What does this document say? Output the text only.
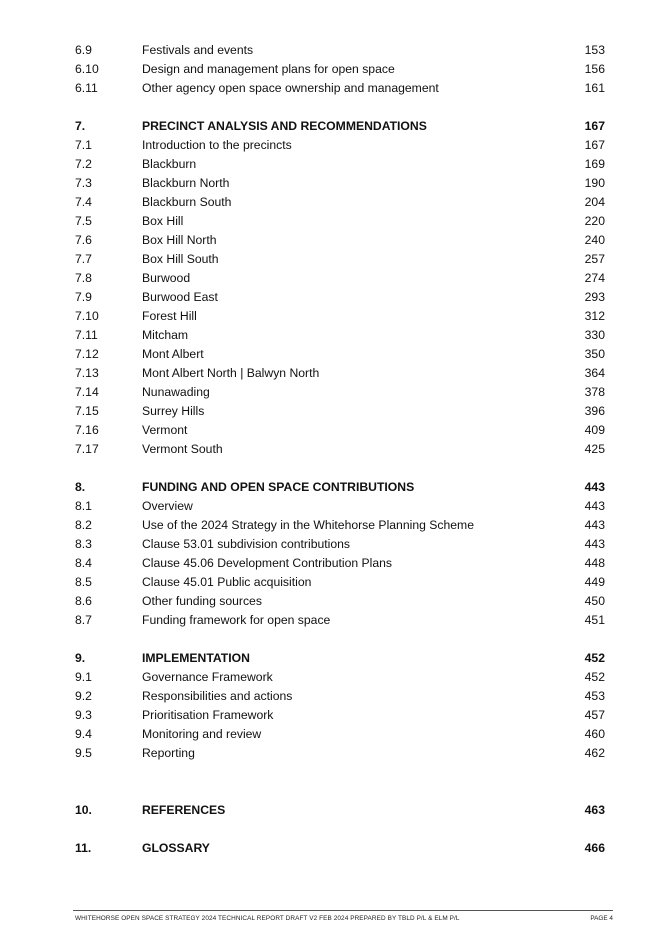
6.9	Festivals and events	153
6.10	Design and management plans for open space	156
6.11	Other agency open space ownership and management	161
7.	PRECINCT ANALYSIS AND RECOMMENDATIONS	167
7.1	Introduction to the precincts	167
7.2	Blackburn	169
7.3	Blackburn North	190
7.4	Blackburn South	204
7.5	Box Hill	220
7.6	Box Hill North	240
7.7	Box Hill South	257
7.8	Burwood	274
7.9	Burwood East	293
7.10	Forest Hill	312
7.11	Mitcham	330
7.12	Mont Albert	350
7.13	Mont Albert North | Balwyn North	364
7.14	Nunawading	378
7.15	Surrey Hills	396
7.16	Vermont	409
7.17	Vermont South	425
8.	FUNDING AND OPEN SPACE CONTRIBUTIONS	443
8.1	Overview	443
8.2	Use of the 2024 Strategy in the Whitehorse Planning Scheme	443
8.3	Clause 53.01 subdivision contributions	443
8.4	Clause 45.06 Development Contribution Plans	448
8.5	Clause 45.01 Public acquisition	449
8.6	Other funding sources	450
8.7	Funding framework for open space	451
9.	IMPLEMENTATION	452
9.1	Governance Framework	452
9.2	Responsibilities and actions	453
9.3	Prioritisation Framework	457
9.4	Monitoring and review	460
9.5	Reporting	462
10.	REFERENCES	463
11.	GLOSSARY	466
WHITEHORSE OPEN SPACE STRATEGY 2024 TECHNICAL REPORT DRAFT V2 FEB 2024 PREPARED BY TBLD P/L & ELM P/L	PAGE 4
